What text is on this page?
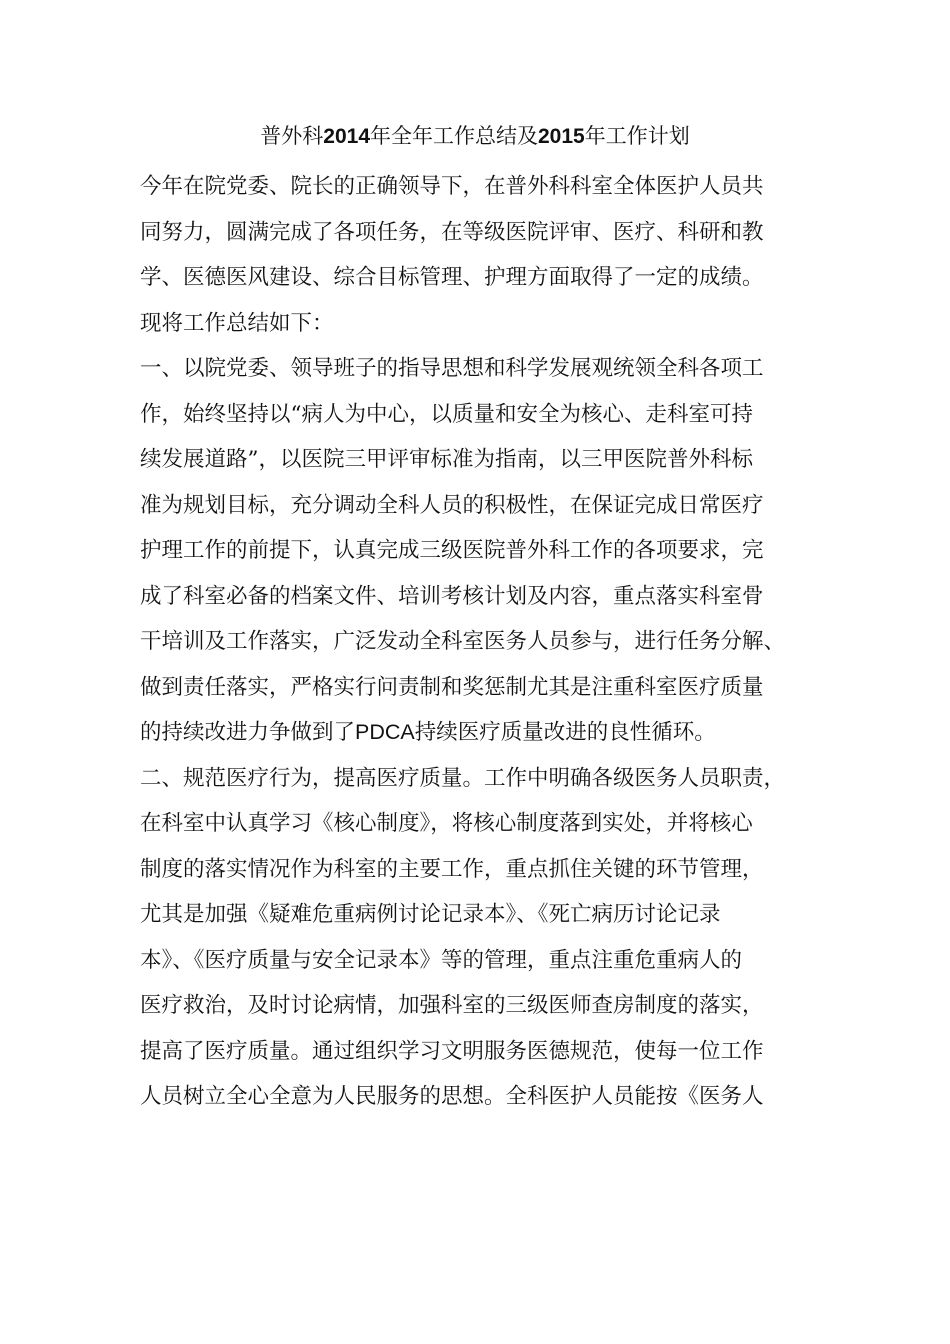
普外科2014年全年工作总结及2015年工作计划
今年在院党委、院长的正确领导下，在普外科科室全体医护人员共
同努力，圆满完成了各项任务，在等级医院评审、医疗、科研和教
学、医德医风建设、综合目标管理、护理方面取得了一定的成绩。
现将工作总结如下：
一、以院党委、领导班子的指导思想和科学发展观统领全科各项工
作，始终坚持以“病人为中心，以质量和安全为核心、走科室可持
续发展道路”，以医院三甲评审标准为指南，以三甲医院普外科标
准为规划目标，充分调动全科人员的积极性，在保证完成日常医疗
护理工作的前提下，认真完成三级医院普外科工作的各项要求，完
成了科室必备的档案文件、培训考核计划及内容，重点落实科室骨
干培训及工作落实，广泛发动全科室医务人员参与，进行任务分解、
做到责任落实，严格实行问责制和奖惩制尤其是注重科室医疗质量
的持续改进力争做到了PDCA持续医疗质量改进的良性循环。
二、规范医疗行为，提高医疗质量。工作中明确各级医务人员职责，
在科室中认真学习《核心制度》，将核心制度落到实处，并将核心
制度的落实情况作为科室的主要工作，重点抓住关键的环节管理，
尤其是加强《疑难危重病例讨论记录本》、《死亡病历讨论记录
本》、《医疗质量与安全记录本》等的管理，重点注重危重病人的
医疗救治，及时讨论病情，加强科室的三级医师查房制度的落实，
提高了医疗质量。通过组织学习文明服务医德规范，使每一位工作
人员树立全心全意为人民服务的思想。全科医护人员能按《医务人
